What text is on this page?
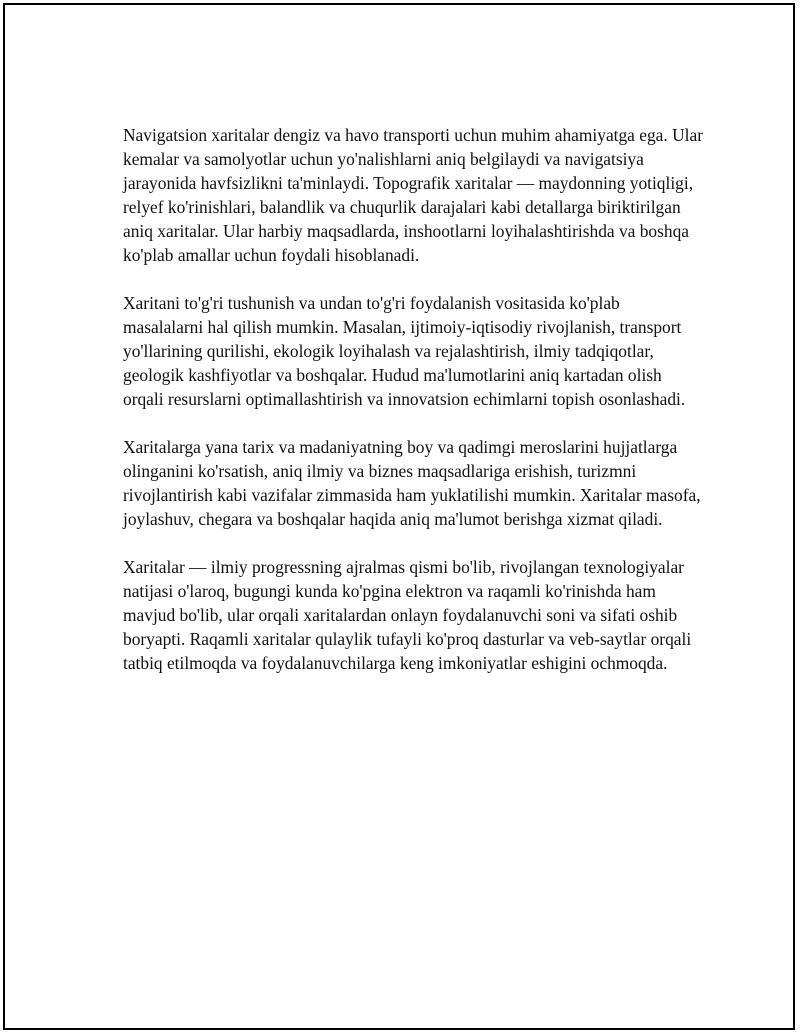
Navigatsion xaritalar dengiz va havo transporti uchun muhim ahamiyatga ega. Ular kemalar va samolyotlar uchun yo'nalishlarni aniq belgilaydi va navigatsiya jarayonida havfsizlikni ta'minlaydi. Topografik xaritalar — maydonning yotiqligi, relyef ko'rinishlari, balandlik va chuqurlik darajalari kabi detallarga biriktirilgan aniq xaritalar. Ular harbiy maqsadlarda, inshootlarni loyihalashtirishda va boshqa ko'plab amallar uchun foydali hisoblanadi.

Xaritani to'g'ri tushunish va undan to'g'ri foydalanish vositasida ko'plab masalalarni hal qilish mumkin. Masalan, ijtimoiy-iqtisodiy rivojlanish, transport yo'llarining qurilishi, ekologik loyihalash va rejalashtirish, ilmiy tadqiqotlar, geologik kashfiyotlar va boshqalar. Hudud ma'lumotlarini aniq kartadan olish orqali resurslarni optimallashtirish va innovatsion echimlarni topish osonlashadi.

Xaritalarga yana tarix va madaniyatning boy va qadimgi meroslarini hujjatlarga olinganini ko'rsatish, aniq ilmiy va biznes maqsadlariga erishish, turizmni rivojlantirish kabi vazifalar zimmasida ham yuklatilishi mumkin. Xaritalar masofa, joylashuv, chegara va boshqalar haqida aniq ma'lumot berishga xizmat qiladi.

Xaritalar — ilmiy progressning ajralmas qismi bo'lib, rivojlangan texnologiyalar natijasi o'laroq, bugungi kunda ko'pgina elektron va raqamli ko'rinishda ham mavjud bo'lib, ular orqali xaritalardan onlayn foydalanuvchi soni va sifati oshib boryapti. Raqamli xaritalar qulaylik tufayli ko'proq dasturlar va veb-saytlar orqali tatbiq etilmoqda va foydalanuvchilarga keng imkoniyatlar eshigini ochmoqda.
